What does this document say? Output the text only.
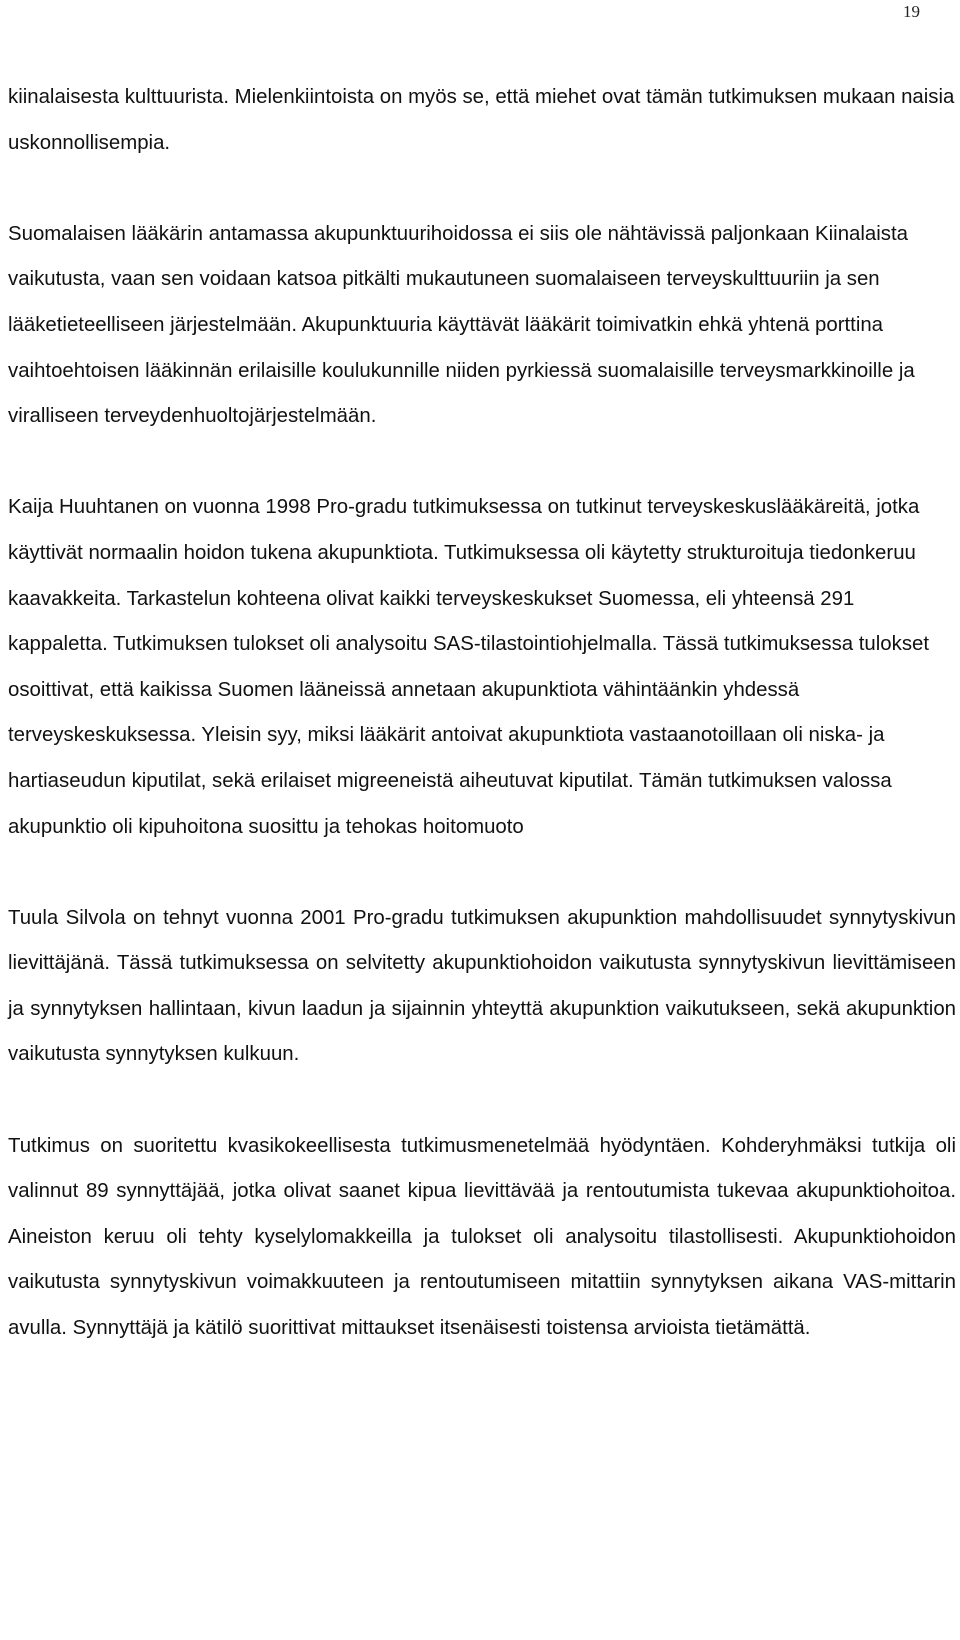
19

kiinalaisesta kulttuurista. Mielenkiintoista on myös se, että miehet ovat tämän tutkimuksen mukaan naisia uskonnollisempia.

Suomalaisen lääkärin antamassa akupunktuurihoidossa ei siis ole nähtävissä paljonkaan Kiinalaista vaikutusta, vaan sen voidaan katsoa pitkälti mukautuneen suomalaiseen terveyskulttuuriin ja sen lääketieteelliseen järjestelmään. Akupunktuuria käyttävät lääkärit toimivatkin ehkä yhtenä porttina vaihtoehtoisen lääkinnän erilaisille koulukunnille niiden pyrkiessä suomalaisille terveysmarkkinoille ja viralliseen terveydenhuoltojärjestelmään.

Kaija Huuhtanen on vuonna 1998 Pro-gradu tutkimuksessa on tutkinut terveyskeskuslääkäreitä, jotka käyttivät normaalin hoidon tukena akupunktiota. Tutkimuksessa oli käytetty strukturoituja tiedonkeruu kaavakkeita. Tarkastelun kohteena olivat kaikki terveyskeskukset Suomessa, eli yhteensä 291 kappaletta. Tutkimuksen tulokset oli analysoitu SAS-tilastointiohjelmalla. Tässä tutkimuksessa tulokset osoittivat, että kaikissa Suomen lääneissä annetaan akupunktiota vähintäänkin yhdessä terveyskeskuksessa. Yleisin syy, miksi lääkärit antoivat akupunktiota vastaanotoillaan oli niska- ja hartiaseudun kiputilat, sekä erilaiset migreeneistä aiheutuvat kiputilat. Tämän tutkimuksen valossa akupunktio oli kipuhoitona suosittu ja tehokas hoitomuoto

Tuula Silvola on tehnyt vuonna 2001 Pro-gradu tutkimuksen akupunktion mahdollisuudet synnytyskivun lievittäjänä. Tässä tutkimuksessa on selvitetty akupunktiohoidon vaikutusta synnytyskivun lievittämiseen ja synnytyksen hallintaan, kivun laadun ja sijainnin yhteyttä akupunktion vaikutukseen, sekä akupunktion vaikutusta synnytyksen kulkuun.

Tutkimus on suoritettu kvasikokeellisesta tutkimusmenetelmää hyödyntäen. Kohderyhmäksi tutkija oli valinnut 89 synnyttäjää, jotka olivat saanet kipua lievittävää ja rentoutumista tukevaa akupunktiohoitoa. Aineiston keruu oli tehty kyselylomakkeilla ja tulokset oli analysoitu tilastollisesti. Akupunktiohoidon vaikutusta synnytyskivun voimakkuuteen ja rentoutumiseen mitattiin synnytyksen aikana VAS-mittarin avulla. Synnyttäjä ja kätilö suorittivat mittaukset itsenäisesti toistensa arvioista tietämättä.
